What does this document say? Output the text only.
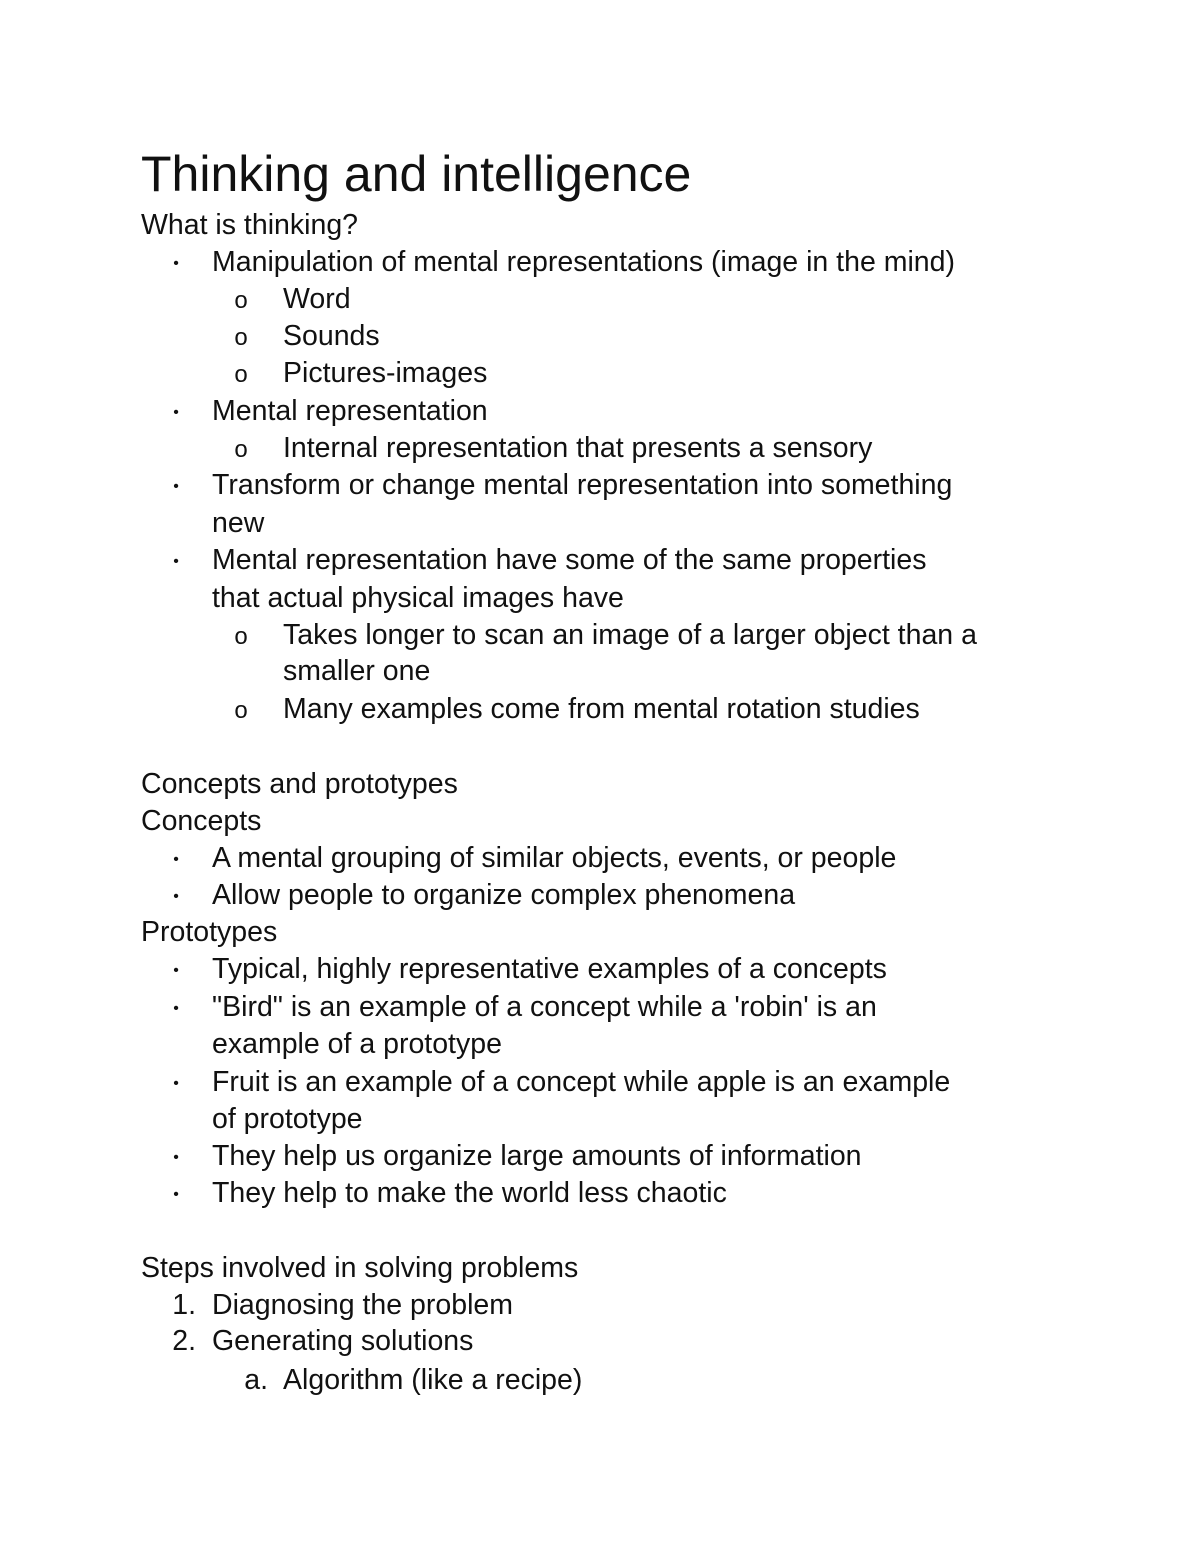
Thinking and intelligence
What is thinking?
•	Manipulation of mental representations (image in the mind)
o Word
o Sounds
o Pictures-images
•	Mental representation
o Internal representation that presents a sensory
•	Transform or change mental representation into something
new
•	Mental representation have some of the same properties
that actual physical images have
o Takes longer to scan an image of a larger object than a
smaller one
o Many examples come from mental rotation studies
Concepts and prototypes
Concepts
•	A mental grouping of similar objects, events, or people
•	Allow people to organize complex phenomena
Prototypes
•	Typical, highly representative examples of a concepts
•	"Bird" is an example of a concept while a 'robin' is an
example of a prototype
•	Fruit is an example of a concept while apple is an example
of prototype
•	They help us organize large amounts of information
•	They help to make the world less chaotic
Steps involved in solving problems
1. Diagnosing the problem
2. Generating solutions
a. Algorithm (like a recipe)
